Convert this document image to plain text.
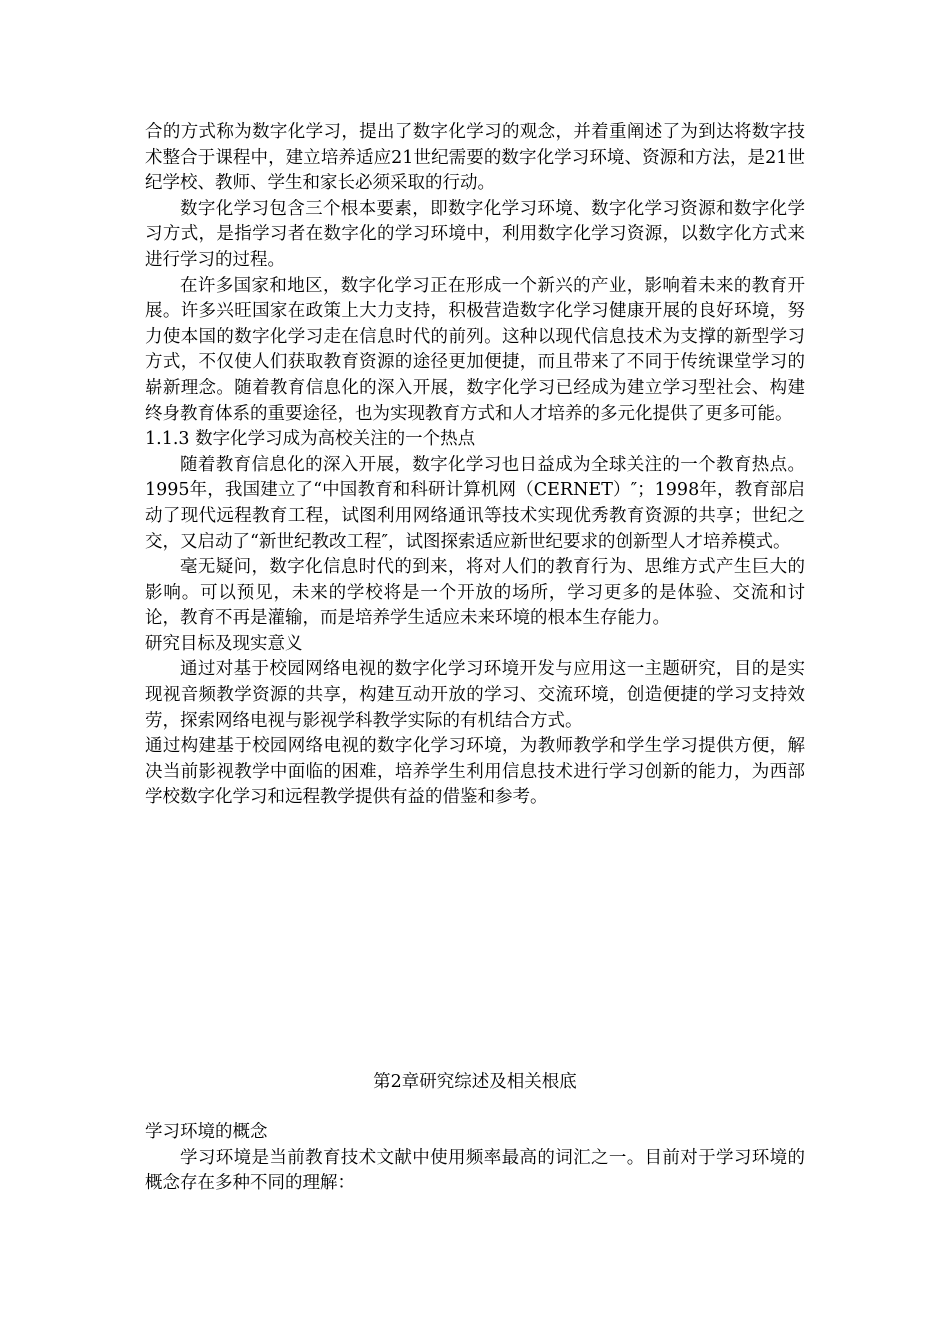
合的方式称为数字化学习，提出了数字化学习的观念，并着重阐述了为到达将数字技术整合于课程中，建立培养适应21世纪需要的数字化学习环境、资源和方法，是21世纪学校、教师、学生和家长必须采取的行动。

数字化学习包含三个根本要素，即数字化学习环境、数字化学习资源和数字化学习方式，是指学习者在数字化的学习环境中，利用数字化学习资源，以数字化方式来进行学习的过程。

在许多国家和地区，数字化学习正在形成一个新兴的产业，影响着未来的教育开展。许多兴旺国家在政策上大力支持，积极营造数字化学习健康开展的良好环境，努力使本国的数字化学习走在信息时代的前列。这种以现代信息技术为支撑的新型学习方式，不仅使人们获取教育资源的途径更加便捷，而且带来了不同于传统课堂学习的崭新理念。随着教育信息化的深入开展，数字化学习已经成为建立学习型社会、构建终身教育体系的重要途径，也为实现教育方式和人才培养的多元化提供了更多可能。

1.1.3 数字化学习成为高校关注的一个热点

随着教育信息化的深入开展，数字化学习也日益成为全球关注的一个教育热点。1995年，我国建立了“中国教育和科研计算机网（CERNET）″；1998年，教育部启动了现代远程教育工程，试图利用网络通讯等技术实现优秀教育资源的共享；世纪之交，又启动了“新世纪教改工程″，试图探索适应新世纪要求的创新型人才培养模式。

毫无疑问，数字化信息时代的到来，将对人们的教育行为、思维方式产生巨大的影响。可以预见，未来的学校将是一个开放的场所，学习更多的是体验、交流和讨论，教育不再是灌输，而是培养学生适应未来环境的根本生存能力。

研究目标及现实意义

通过对基于校园网络电视的数字化学习环境开发与应用这一主题研究，目的是实现视音频教学资源的共享，构建互动开放的学习、交流环境，创造便捷的学习支持效劳，探索网络电视与影视学科教学实际的有机结合方式。

通过构建基于校园网络电视的数字化学习环境，为教师教学和学生学习提供方便，解决当前影视教学中面临的困难，培养学生利用信息技术进行学习创新的能力，为西部学校数字化学习和远程教学提供有益的借鉴和参考。

第2章研究综述及相关根底

学习环境的概念

学习环境是当前教育技术文献中使用频率最高的词汇之一。目前对于学习环境的概念存在多种不同的理解：
